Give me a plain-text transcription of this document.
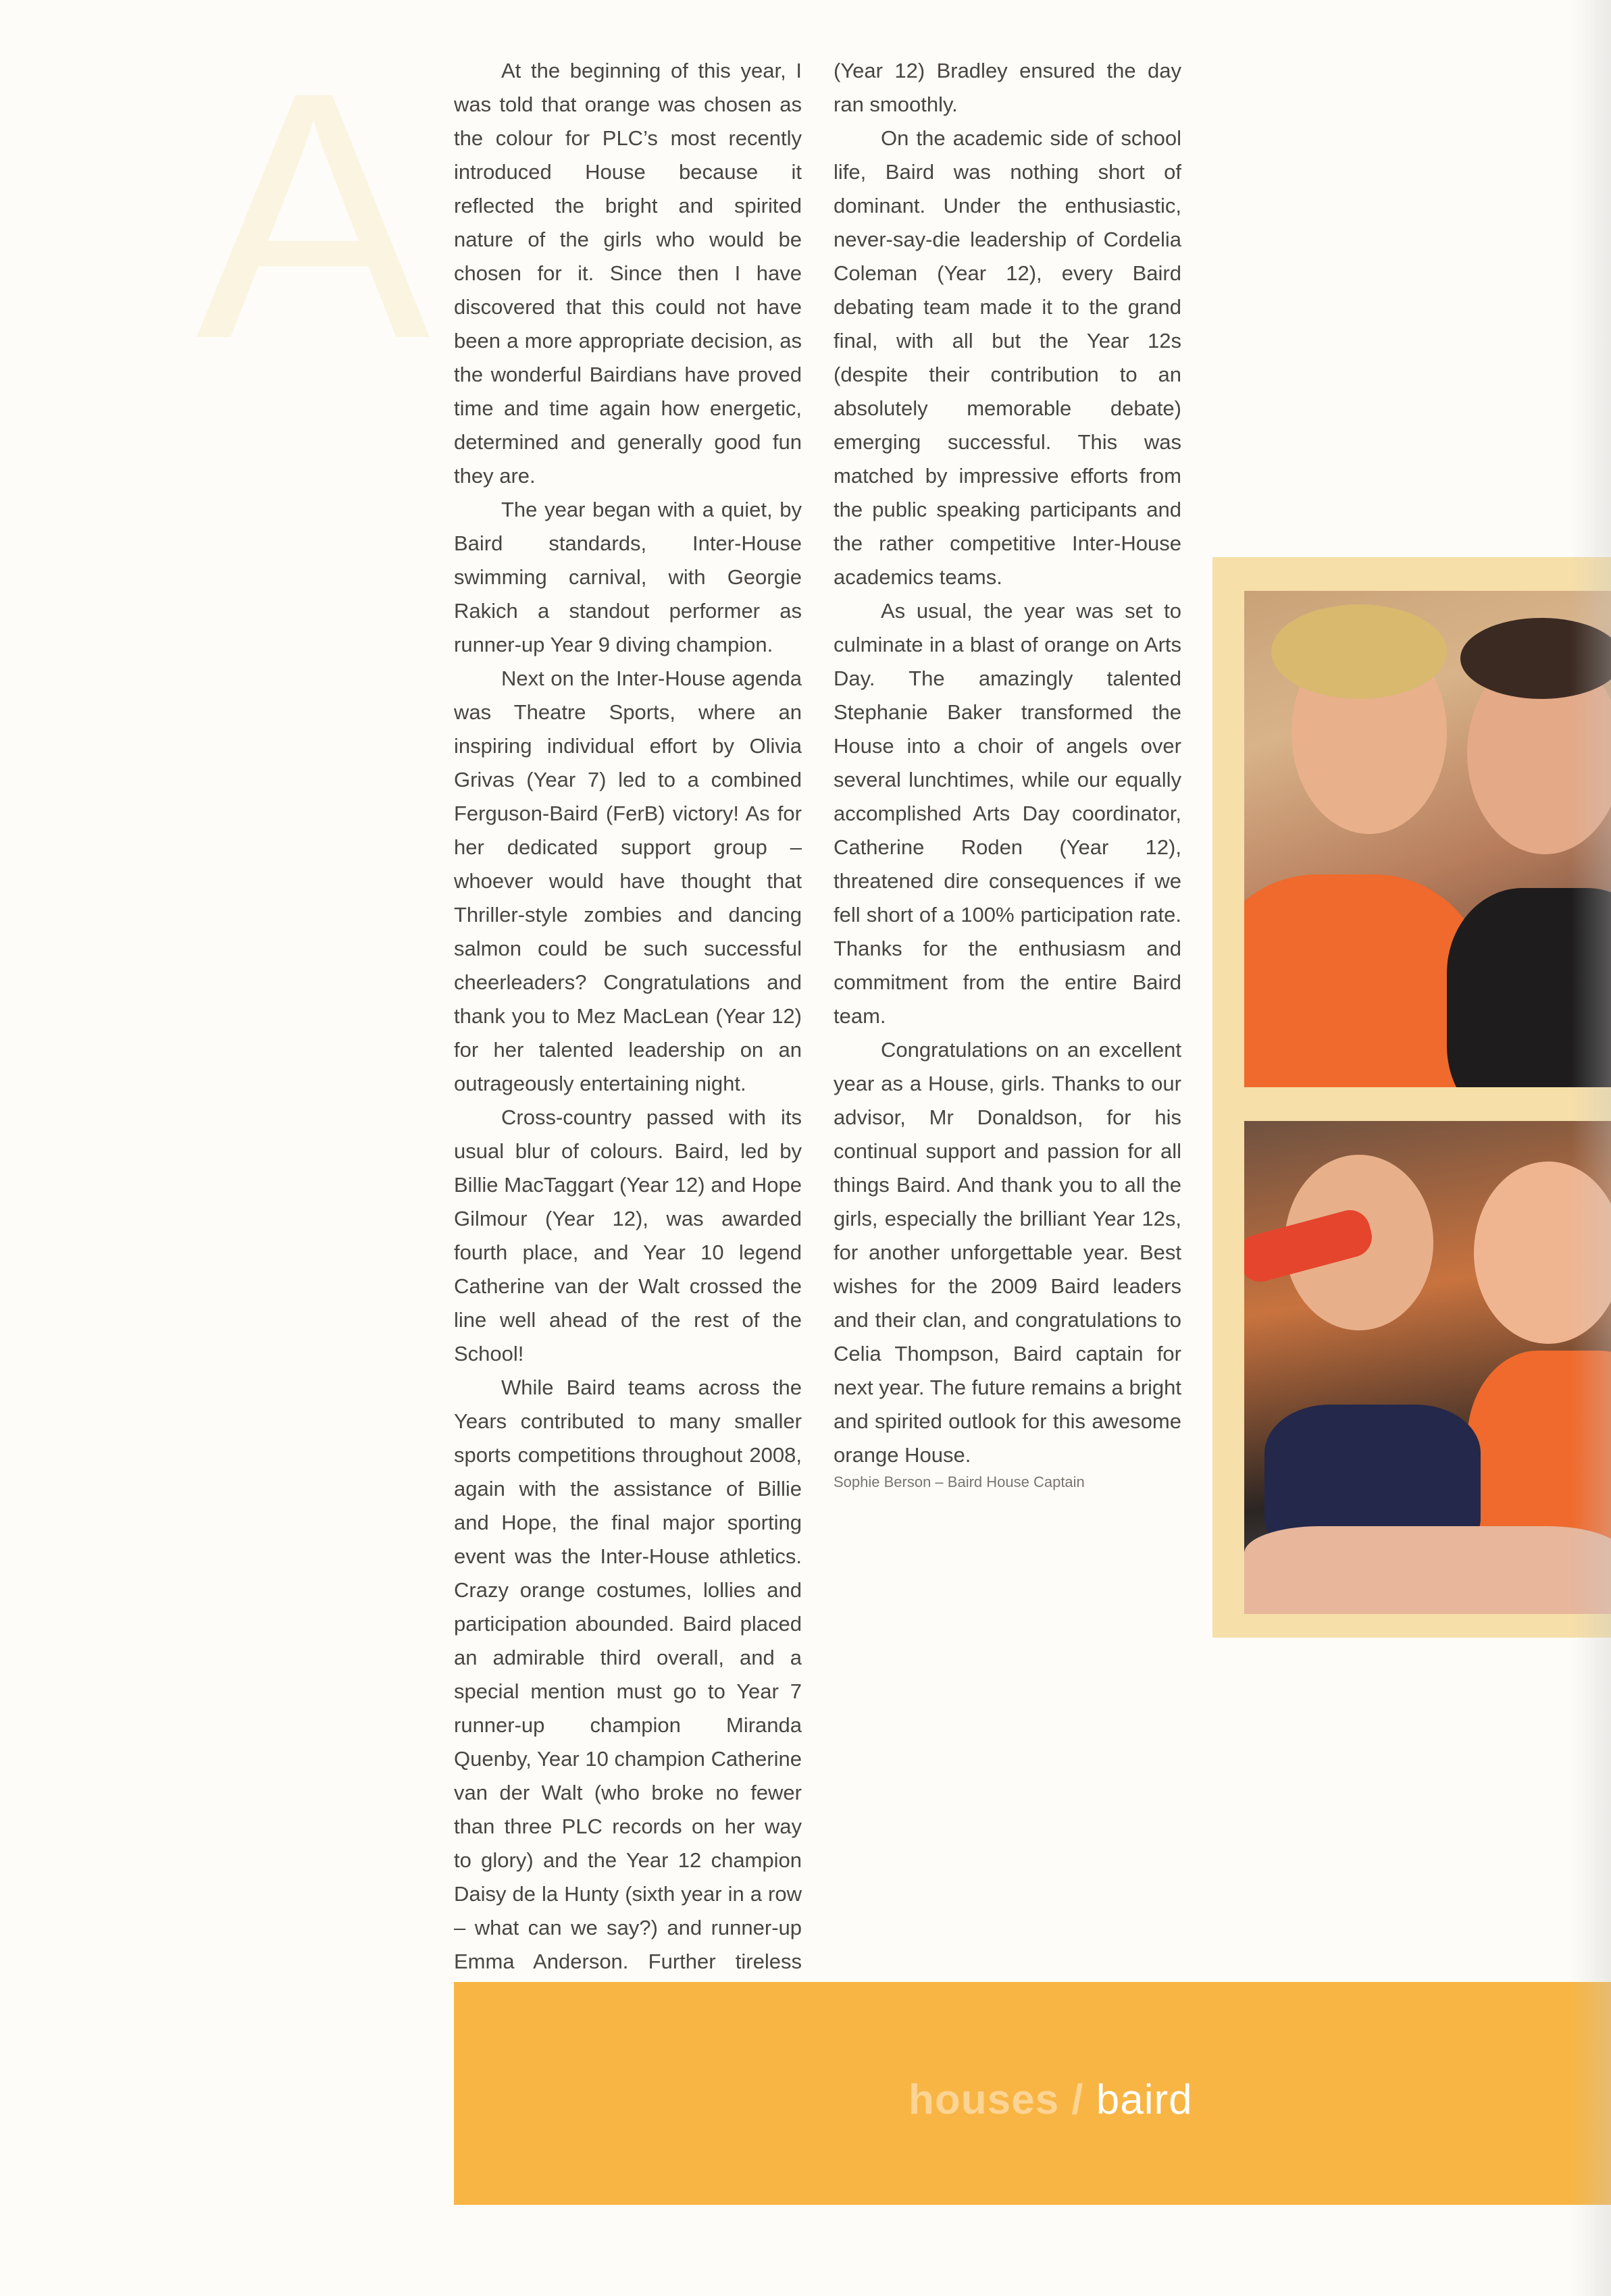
A	At the beginning of this year, I was told that orange was chosen as the colour for PLC’s most recently introduced House because it reflected the bright and spirited nature of the girls who would be chosen for it. Since then I have discovered that this could not have been a more appropriate decision, as the wonderful Bairdians have proved time and time again how energetic, determined and generally good fun they are.

The year began with a quiet, by Baird standards, Inter-House swimming carnival, with Georgie Rakich a standout performer as runner-up Year 9 diving champion.

Next on the Inter-House agenda was Theatre Sports, where an inspiring individual effort by Olivia Grivas (Year 7) led to a combined Ferguson-Baird (FerB) victory! As for her dedicated support group – whoever would have thought that Thriller-style zombies and dancing salmon could be such successful cheerleaders? Congratulations and thank you to Mez MacLean (Year 12) for her talented leadership on an outrageously entertaining night.

Cross-country passed with its usual blur of colours. Baird, led by Billie MacTaggart (Year 12) and Hope Gilmour (Year 12), was awarded fourth place, and Year 10 legend Catherine van der Walt crossed the line well ahead of the rest of the School!

While Baird teams across the Years contributed to many smaller sports competitions throughout 2008, again with the assistance of Billie and Hope, the final major sporting event was the Inter-House athletics. Crazy orange costumes, lollies and participation abounded. Baird placed an admirable third overall, and a special mention must go to Year 7 runner-up champion Miranda Quenby, Year 10 champion Catherine van der Walt (who broke no fewer than three PLC records on her way to glory) and the Year 12 champion Daisy de la Hunty (sixth year in a row – what can we say?) and runner-up Emma Anderson. Further tireless

(Year 12) Bradley ensured the day ran smoothly.

On the academic side of school life, Baird was nothing short of dominant. Under the enthusiastic, never-say-die leadership of Cordelia Coleman (Year 12), every Baird debating team made it to the grand final, with all but the Year 12s (despite their contribution to an absolutely memorable debate) emerging successful. This was matched by impressive efforts from the public speaking participants and the rather competitive Inter-House academics teams.

As usual, the year was set to culminate in a blast of orange on Arts Day. The amazingly talented Stephanie Baker transformed the House into a choir of angels over several lunchtimes, while our equally accomplished Arts Day coordinator, Catherine Roden (Year 12), threatened dire consequences if we fell short of a 100% participation rate. Thanks for the enthusiasm and commitment from the entire Baird team.

Congratulations on an excellent year as a House, girls. Thanks to our advisor, Mr Donaldson, for his continual support and passion for all things Baird. And thank you to all the girls, especially the brilliant Year 12s, for another unforgettable year. Best wishes for the 2009 Baird leaders and their clan, and congratulations to Celia Thompson, Baird captain for next year. The future remains a bright and spirited outlook for this awesome orange House.

Sophie Berson – Baird House Captain

houses / baird
